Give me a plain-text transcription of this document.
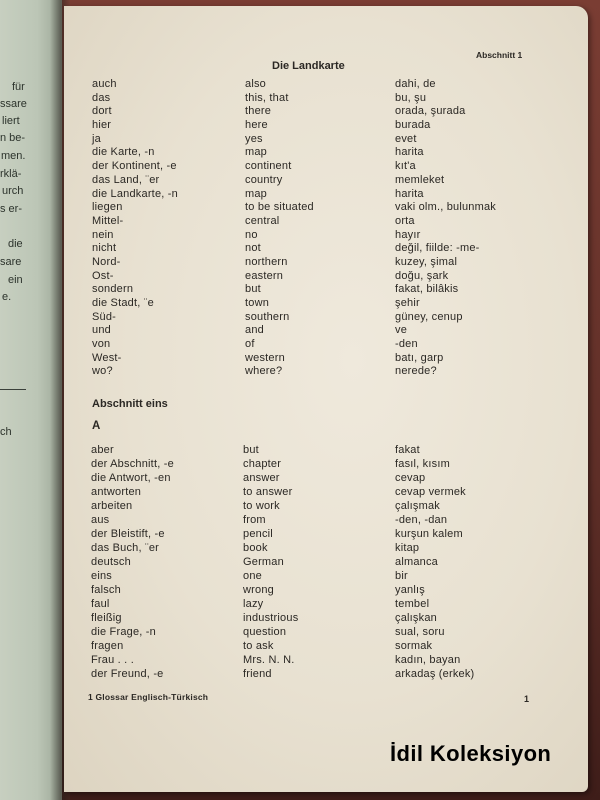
für
ssare
liert
n be-
men.
rklä-
urch
s er-
die
sare
ein
e.
ch
Abschnitt 1
Die Landkarte
auch	also	dahi, de
das	this, that	bu, şu
dort	there	orada, şurada
hier	here	burada
ja	yes	evet
die Karte, -n	map	harita
der Kontinent, -e	continent	kıt'a
das Land, ¨er	country	memleket
die Landkarte, -n	map	harita
liegen	to be situated	vaki olm., bulunmak
Mittel-	central	orta
nein	no	hayır
nicht	not	değil, fiilde: -me-
Nord-	northern	kuzey, şimal
Ost-	eastern	doğu, şark
sondern	but	fakat, bilâkis
die Stadt, ¨e	town	şehir
Süd-	southern	güney, cenup
und	and	ve
von	of	-den
West-	western	batı, garp
wo?	where?	nerede?
Abschnitt eins
A
aber	but	fakat
der Abschnitt, -e	chapter	fasıl, kısım
die Antwort, -en	answer	cevap
antworten	to answer	cevap vermek
arbeiten	to work	çalışmak
aus	from	-den, -dan
der Bleistift, -e	pencil	kurşun kalem
das Buch, ¨er	book	kitap
deutsch	German	almanca
eins	one	bir
falsch	wrong	yanlış
faul	lazy	tembel
fleißig	industrious	çalışkan
die Frage, -n	question	sual, soru
fragen	to ask	sormak
Frau . . .	Mrs. N. N.	kadın, bayan
der Freund, -e	friend	arkadaş (erkek)
1 Glossar Englisch-Türkisch	1
İdil Koleksiyon
